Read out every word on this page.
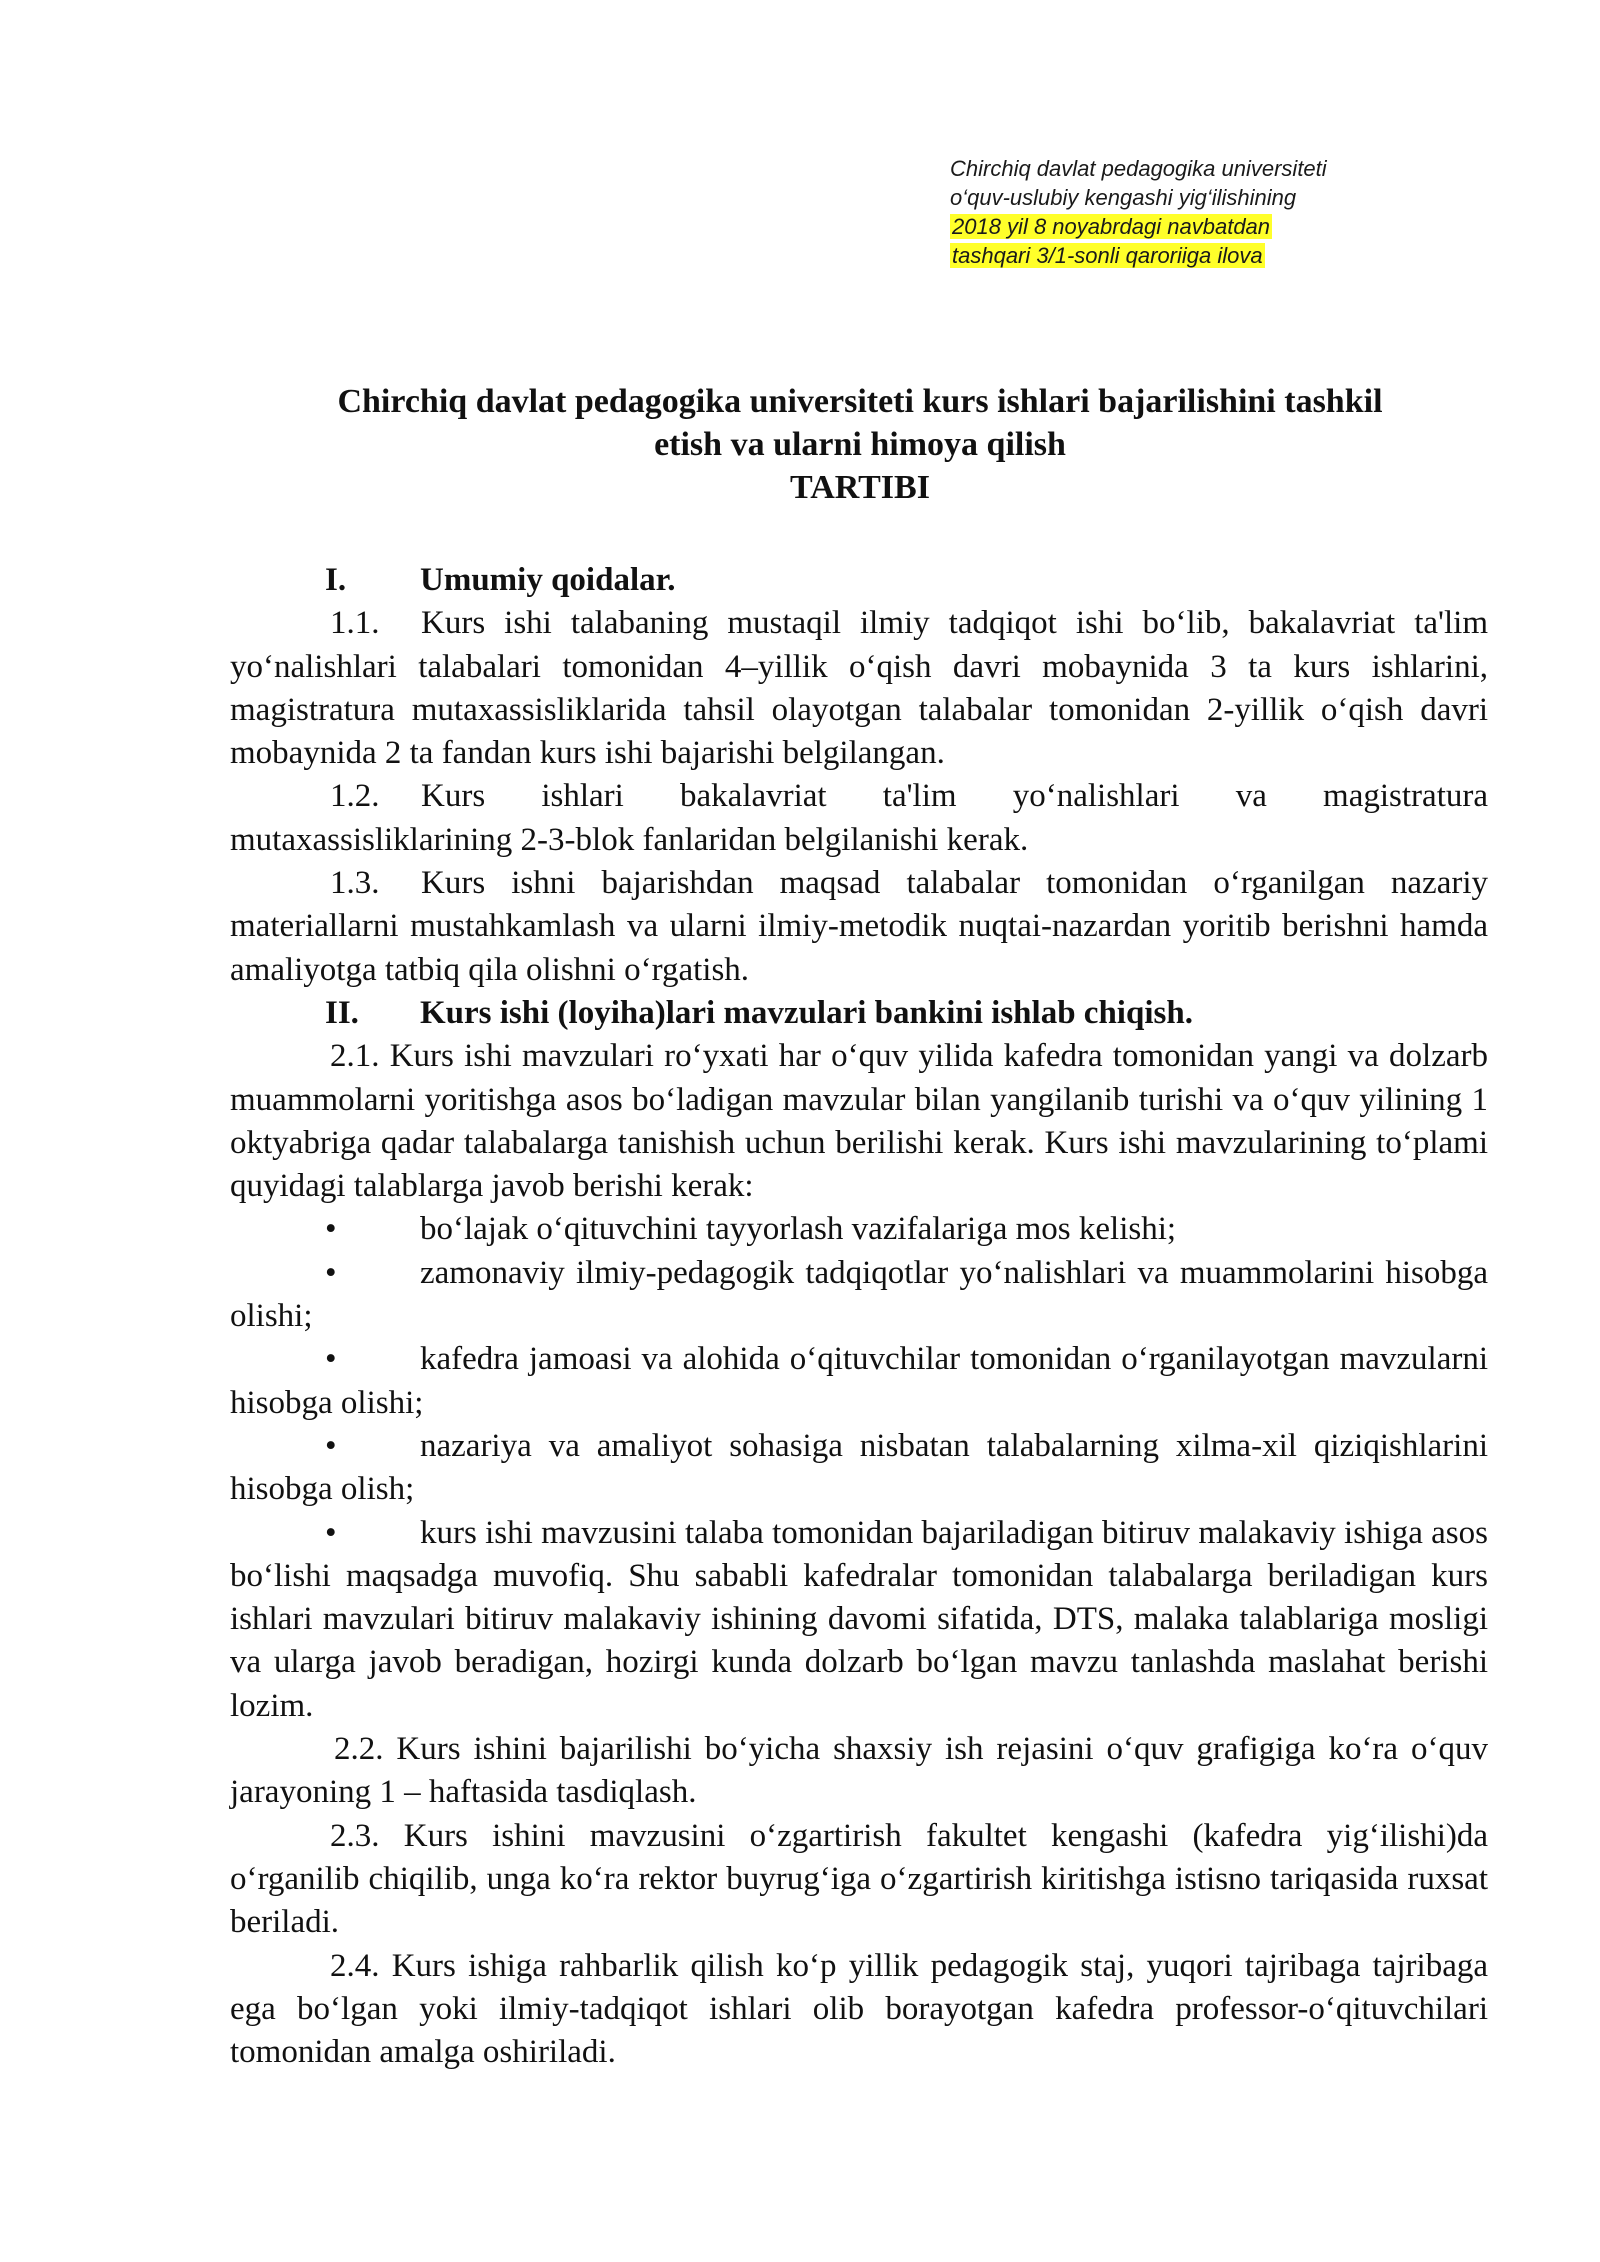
Chirchiq davlat pedagogika universiteti
o‘quv-uslubiy kengashi yig‘ilishining
2018 yil 8 noyabrdagi navbatdan
tashqari 3/1-sonli qaroriiga ilova
Chirchiq davlat pedagogika universiteti kurs ishlari bajarilishini tashkil
etish va ularni himoya qilish
TARTIBI

I.	Umumiy qoidalar.

1.1. Kurs ishi talabaning mustaqil ilmiy tadqiqot ishi bo‘lib, bakalavriat ta'lim yo‘nalishlari talabalari tomonidan 4–yillik o‘qish davri mobaynida 3 ta kurs ishlarini, magistratura mutaxassisliklarida tahsil olayotgan talabalar tomonidan 2-yillik o‘qish davri mobaynida 2 ta fandan kurs ishi bajarishi belgilangan.

1.2. Kurs ishlari bakalavriat ta'lim yo‘nalishlari va magistratura mutaxassisliklarining 2-3-blok fanlaridan belgilanishi kerak.

1.3. Kurs ishni bajarishdan maqsad talabalar tomonidan o‘rganilgan nazariy materiallarni mustahkamlash va ularni ilmiy-metodik nuqtai-nazardan yoritib berishni hamda amaliyotga tatbiq qila olishni o‘rgatish.

II.	Kurs ishi (loyiha)lari mavzulari bankini ishlab chiqish.

2.1. Kurs ishi mavzulari ro‘yxati har o‘quv yilida kafedra tomonidan yangi va dolzarb muammolarni yoritishga asos bo‘ladigan mavzular bilan yangilanib turishi va o‘quv yilining 1 oktyabriga qadar talabalarga tanishish uchun berilishi kerak. Kurs ishi mavzularining to‘plami quyidagi talablarga javob berishi kerak:

•	bo‘lajak o‘qituvchini tayyorlash vazifalariga mos kelishi;

•	zamonaviy ilmiy-pedagogik tadqiqotlar yo‘nalishlari va muammolarini hisobga olishi;

•	kafedra jamoasi va alohida o‘qituvchilar tomonidan o‘rganilayotgan mavzularni hisobga olishi;

•	nazariya va amaliyot sohasiga nisbatan talabalarning xilma-xil qiziqishlarini hisobga olish;

•	kurs ishi mavzusini talaba tomonidan bajariladigan bitiruv malakaviy ishiga asos bo‘lishi maqsadga muvofiq. Shu sababli kafedralar tomonidan talabalarga beriladigan kurs ishlari mavzulari bitiruv malakaviy ishining davomi sifatida, DTS, malaka talablariga mosligi va ularga javob beradigan, hozirgi kunda dolzarb bo‘lgan mavzu tanlashda maslahat berishi lozim.

2.2. Kurs ishini bajarilishi bo‘yicha shaxsiy ish rejasini o‘quv grafigiga ko‘ra o‘quv jarayoning 1 – haftasida tasdiqlash.

2.3. Kurs ishini mavzusini o‘zgartirish fakultet kengashi (kafedra yig‘ilishi)da o‘rganilib chiqilib, unga ko‘ra rektor buyrug‘iga o‘zgartirish kiritishga istisno tariqasida ruxsat beriladi.

2.4. Kurs ishiga rahbarlik qilish ko‘p yillik pedagogik staj, yuqori tajribaga tajribaga ega bo‘lgan yoki ilmiy-tadqiqot ishlari olib borayotgan kafedra professor-o‘qituvchilari tomonidan amalga oshiriladi.
